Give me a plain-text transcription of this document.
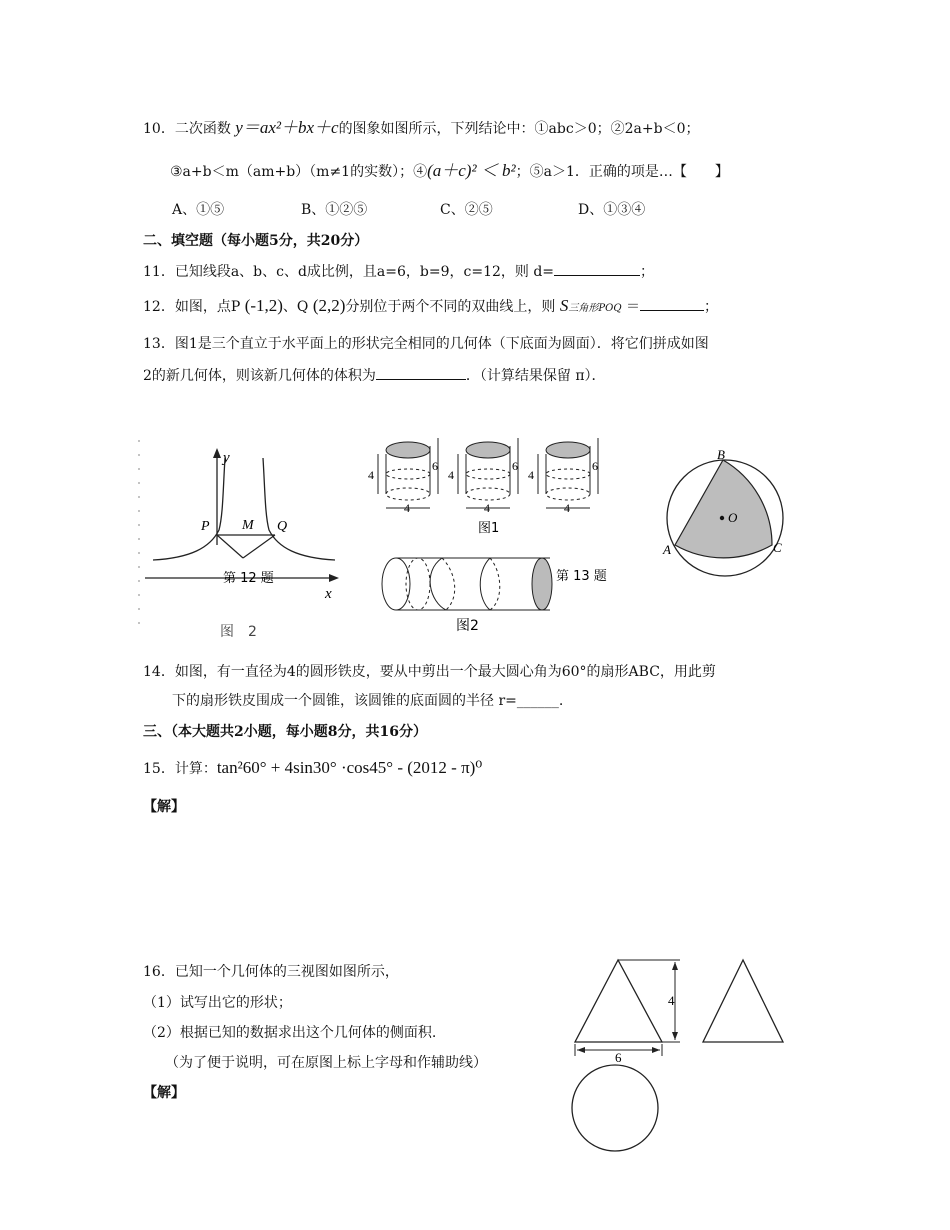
10．二次函数 y＝ax²＋bx＋c的图象如图所示，下列结论中：①abc＞0；②2a+b＜0；
③a+b＜m（am+b）（m≠1的实数）；④(a＋c)² ＜ b²；⑤a＞1．正确的项是…【　　】
A、①⑤	B、①②⑤	C、②⑤	D、①③④
二、填空题（每小题5分，共20分）
11．已知线段a、b、c、d成比例，且a=6，b=9，c=12，则 d=	；
12．如图，点P (-1,2)、Q (2,2)分别位于两个不同的双曲线上，则 S三角形POQ ＝	；
13．图1是三个直立于水平面上的形状完全相同的几何体（下底面为圆面）．将它们拼成如图
2的新几何体，则该新几何体的体积为	．（计算结果保留 π）．
y
x
P M Q
第 12 题
图　2
4
6
4
4
6
4
4
6
4
图1
图2
第 13 题
O
A
B
C
14．如图，有一直径为4的圆形铁皮，要从中剪出一个最大圆心角为60°的扇形ABC，用此剪
下的扇形铁皮围成一个圆锥，该圆锥的底面圆的半径 r=______.
三、（本大题共2小题，每小题8分，共16分）
15．计算：tan²60° + 4sin30° ·cos45° - (2012 - π)⁰
【解】
16．已知一个几何体的三视图如图所示，
（1）试写出它的形状；
（2）根据已知的数据求出这个几何体的侧面积.
（为了便于说明，可在原图上标上字母和作辅助线）
【解】
4
6
